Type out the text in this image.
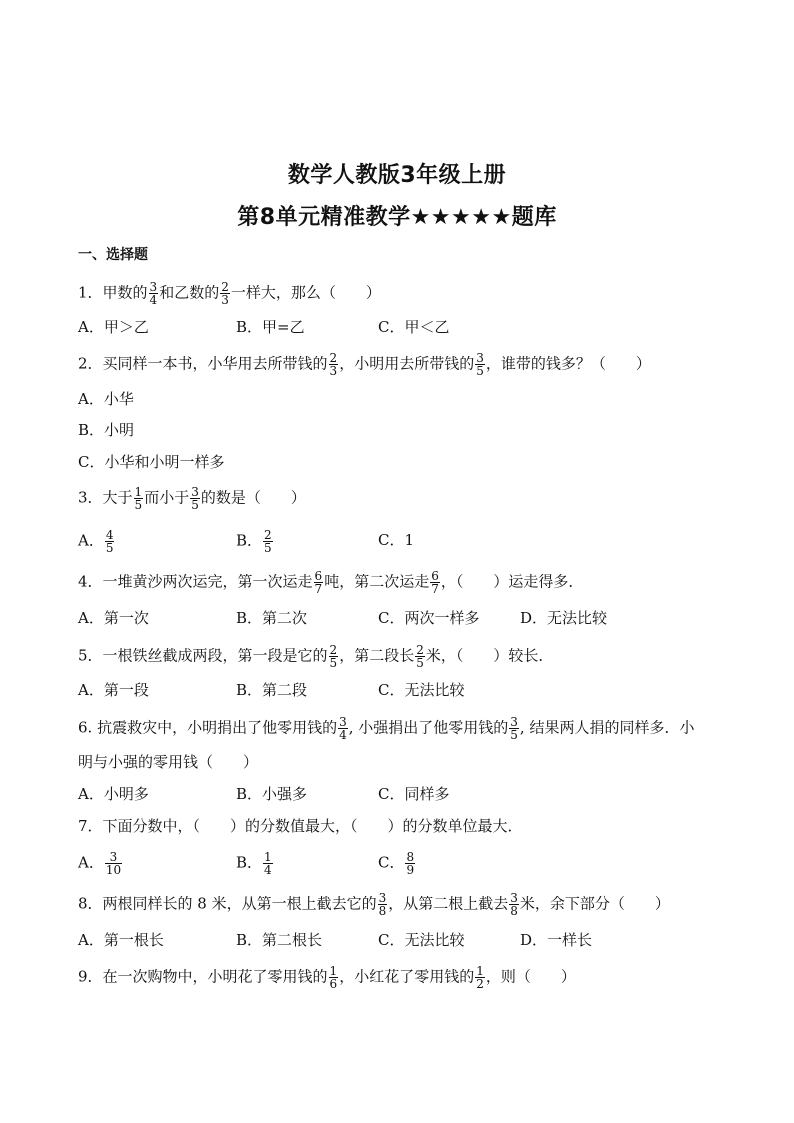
数学人教版3年级上册
第8单元精准教学★★★★★题库
一、选择题
1．甲数的 $\frac{3}{4}$ 和乙数的 $\frac{2}{3}$ 一样大，那么（　　）
A．甲＞乙	B．甲=乙	C．甲＜乙
2．买同样一本书，小华用去所带钱的 $\frac{2}{3}$ ，小明用去所带钱的 $\frac{3}{5}$ ，谁带的钱多？（　　）
A．小华
B．小明
C．小华和小明一样多
3．大于 $\frac{1}{5}$ 而小于 $\frac{3}{5}$ 的数是（　　）
A． $\frac{4}{5}$	B． $\frac{2}{5}$	C．1
4．一堆黄沙两次运完，第一次运走 $\frac{6}{7}$ 吨，第二次运走 $\frac{6}{7}$ ，（　　）运走得多．
A．第一次	B．第二次	C．两次一样多	D．无法比较
5．一根铁丝截成两段，第一段是它的 $\frac{2}{5}$ ，第二段长 $\frac{2}{5}$ 米，（　　）较长．
A．第一段	B．第二段	C．无法比较
6. 抗震救灾中，小明捐出了他零用钱的 $\frac{3}{4}$ , 小强捐出了他零用钱的 $\frac{3}{5}$ , 结果两人捐的同样多．小
明与小强的零用钱（　　）
A．小明多	B．小强多	C．同样多
7．下面分数中，（　　）的分数值最大，（　　）的分数单位最大．
A． $\frac{3}{10}$	B． $\frac{1}{4}$	C． $\frac{8}{9}$
8．两根同样长的 8 米，从第一根上截去它的 $\frac{3}{8}$ ，从第二根上截去 $\frac{3}{8}$ 米，余下部分（　　）
A．第一根长	B．第二根长	C．无法比较	D．一样长
9．在一次购物中，小明花了零用钱的 $\frac{1}{6}$ ，小红花了零用钱的 $\frac{1}{2}$ ，则（　　）
